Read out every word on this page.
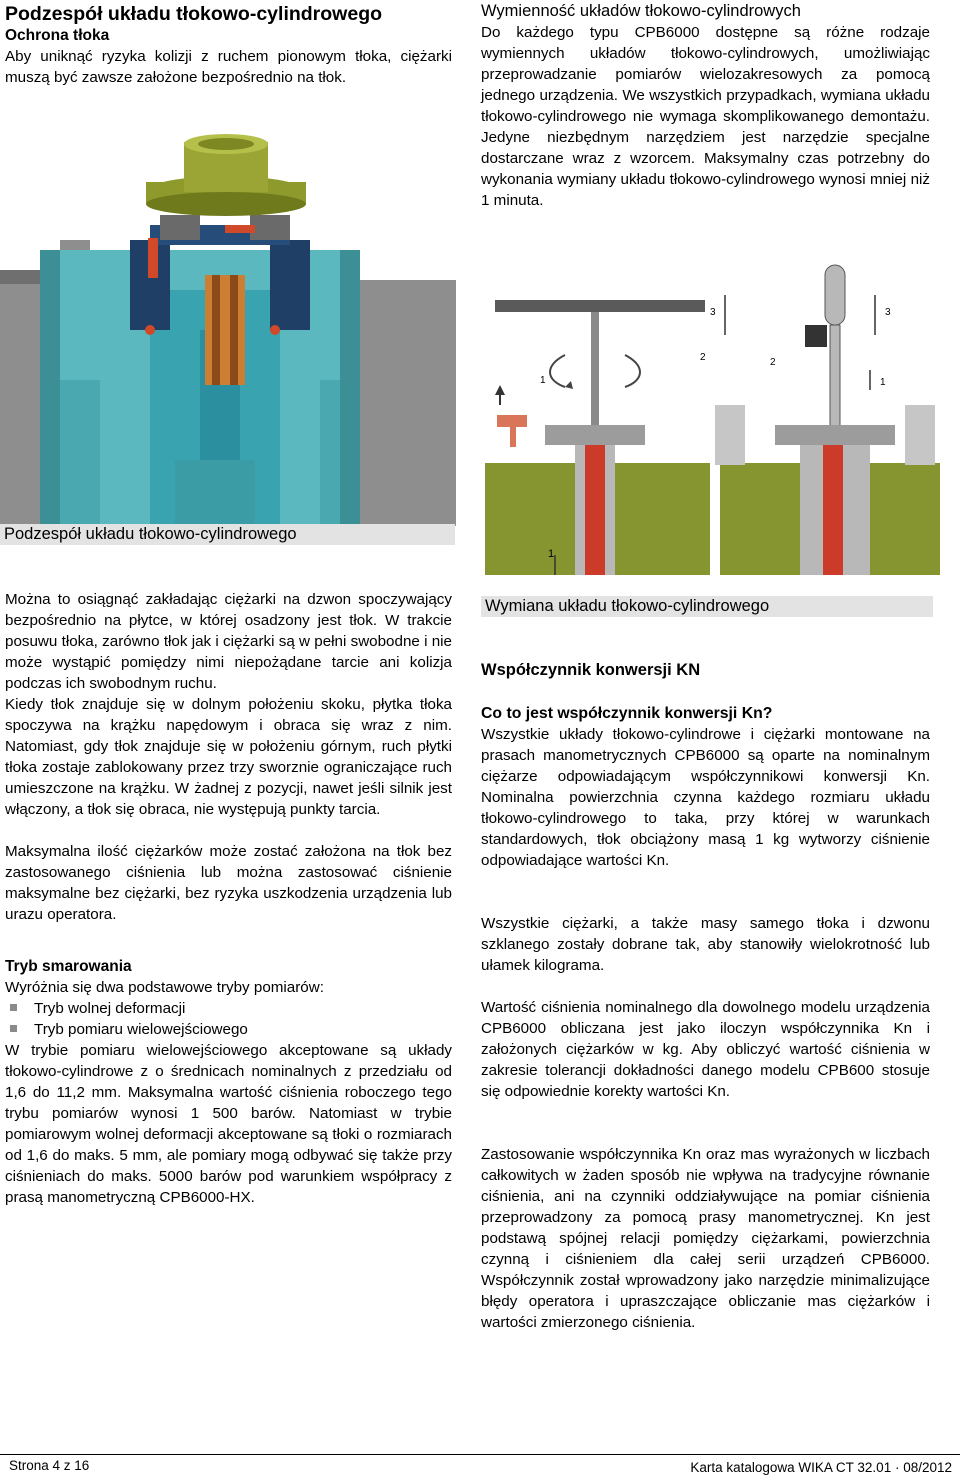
Podzespół układu tłokowo-cylindrowego
Ochrona tłoka

Aby uniknąć ryzyka kolizji z ruchem pionowym tłoka, ciężarki muszą być zawsze założone bezpośrednio na tłok.

Wymienność układów tłokowo-cylindrowych

Do każdego typu CPB6000 dostępne są różne rodzaje wymiennych układów tłokowo-cylindrowych, umożliwiając przeprowadzanie pomiarów wielozakresowych za pomocą jednego urządzenia. We wszystkich przypadkach, wymiana układu tłokowo-cylindrowego nie wymaga skomplikowanego demontażu. Jedyne niezbędnym narzędziem jest narzędzie specjalne dostarczane wraz z wzorcem. Maksymalny czas potrzebny do wykonania wymiany układu tłokowo-cylindrowego wynosi mniej niż 1 minuta.

Podzespół układu tłokowo-cylindrowego
1
2
2
1
3
3
1
Wymiana układu tłokowo-cylindrowego

Można to osiągnąć zakładając ciężarki na dzwon spoczywający bezpośrednio na płytce, w której osadzony jest tłok. W trakcie posuwu tłoka, zarówno tłok jak i ciężarki są w pełni swobodne i nie może wystąpić pomiędzy nimi niepożądane tarcie ani kolizja podczas ich swobodnym ruchu.

Kiedy tłok znajduje się w dolnym położeniu skoku, płytka tłoka spoczywa na krążku napędowym i obraca się wraz z nim. Natomiast, gdy tłok znajduje się w położeniu górnym, ruch płytki tłoka zostaje zablokowany przez trzy sworznie ograniczające ruch umieszczone na krążku. W żadnej z pozycji, nawet jeśli silnik jest włączony, a tłok się obraca, nie występują punkty tarcia.

Maksymalna ilość ciężarków może zostać założona na tłok bez zastosowanego ciśnienia lub można zastosować ciśnienie maksymalne bez ciężarki, bez ryzyka uszkodzenia urządzenia lub urazu operatora.

Tryb smarowania

Wyróżnia się dwa podstawowe tryby pomiarów:

Tryb wolnej deformacji
Tryb pomiaru wielowejściowego

W trybie pomiaru wielowejściowego akceptowane są układy tłokowo-cylindrowe z o średnicach nominalnych z przedziału od 1,6 do 11,2 mm. Maksymalna wartość ciśnienia roboczego tego trybu pomiarów wynosi 1 500 barów. Natomiast w trybie pomiarowym wolnej deformacji akceptowane są tłoki o rozmiarach od 1,6 do maks. 5 mm, ale pomiary mogą odbywać się także przy ciśnieniach do maks. 5000 barów pod warunkiem współpracy z prasą manometryczną CPB6000-HX.

Współczynnik konwersji KN
Co to jest współczynnik konwersji Kn?

Wszystkie układy tłokowo-cylindrowe i ciężarki montowane na prasach manometrycznych CPB6000 są oparte na nominalnym ciężarze odpowiadającym współczynnikowi konwersji Kn. Nominalna powierzchnia czynna każdego rozmiaru układu tłokowo-cylindrowego to taka, przy której w warunkach standardowych, tłok obciążony masą 1 kg wytworzy ciśnienie odpowiadające wartości Kn.

Wszystkie ciężarki, a także masy samego tłoka i dzwonu szklanego zostały dobrane tak, aby stanowiły wielokrotność lub ułamek kilograma.

Wartość ciśnienia nominalnego dla dowolnego modelu urządzenia CPB6000 obliczana jest jako iloczyn współczynnika Kn i założonych ciężarków w kg. Aby obliczyć wartość ciśnienia w zakresie tolerancji dokładności danego modelu CPB600 stosuje się odpowiednie korekty wartości Kn.

Zastosowanie współczynnika Kn oraz mas wyrażonych w liczbach całkowitych w żaden sposób nie wpływa na tradycyjne równanie ciśnienia, ani na czynniki oddziaływujące na pomiar ciśnienia przeprowadzony za pomocą prasy manometrycznej. Kn jest podstawą spójnej relacji pomiędzy ciężarkami, powierzchnia czynną i ciśnieniem dla całej serii urządzeń CPB6000. Współczynnik został wprowadzony jako narzędzie minimalizujące błędy operatora i upraszczające obliczanie mas ciężarków i wartości zmierzonego ciśnienia.

Strona 4 z 16	Karta katalogowa WIKA CT 32.01 · 08/2012
